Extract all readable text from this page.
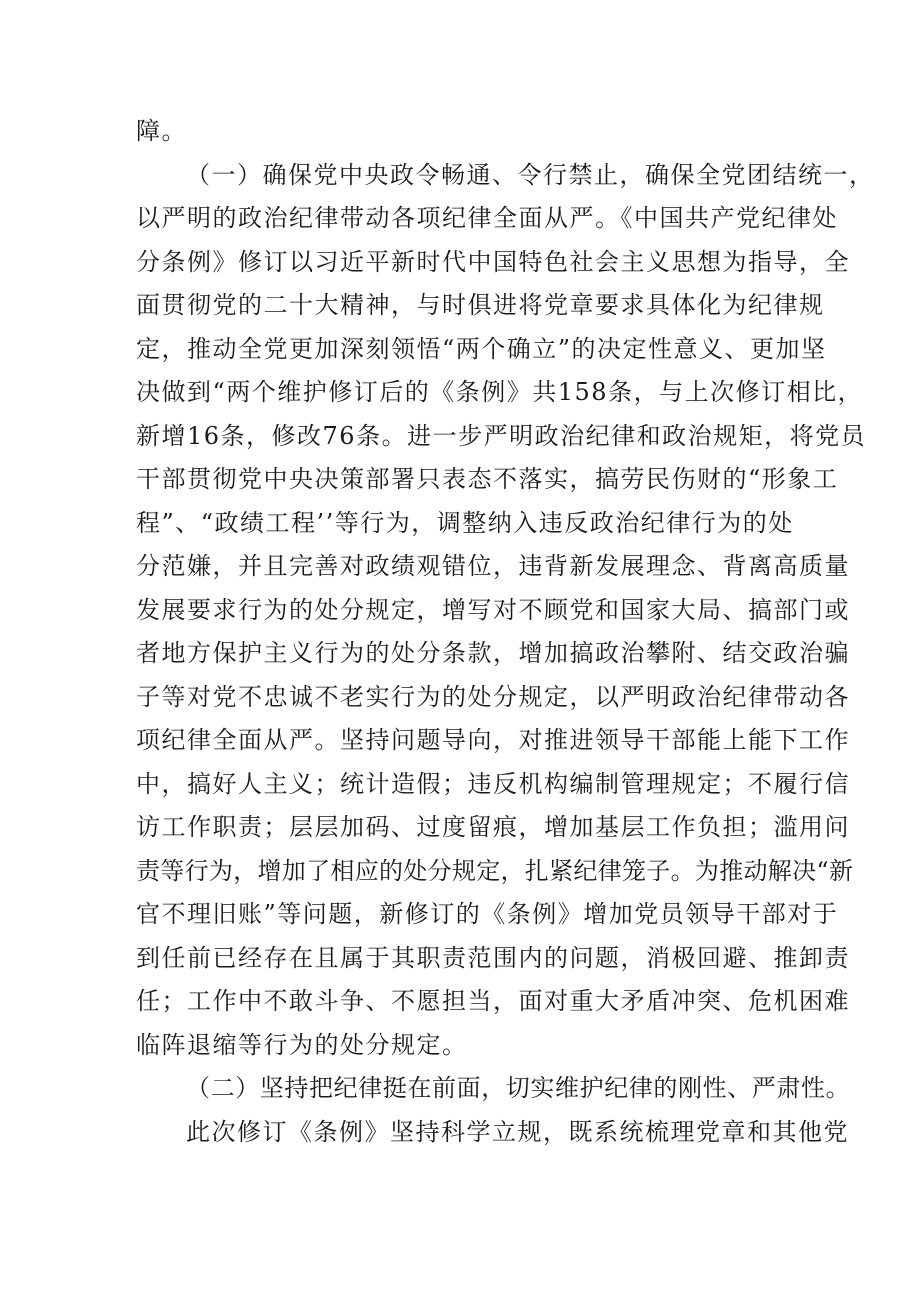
障。
（一）确保党中央政令畅通、令行禁止，确保全党团结统一，
以严明的政治纪律带动各项纪律全面从严。《中国共产党纪律处
分条例》修订以习近平新时代中国特色社会主义思想为指导，全
面贯彻党的二十大精神，与时俱进将党章要求具体化为纪律规
定，推动全党更加深刻领悟“两个确立”的决定性意义、更加坚
决做到“两个维护修订后的《条例》共158条，与上次修订相比，
新增16条，修改76条。进一步严明政治纪律和政治规矩，将党员
干部贯彻党中央决策部署只表态不落实，搞劳民伤财的“形象工
程”、“政绩工程’’等行为，调整纳入违反政治纪律行为的处
分范嫌，并且完善对政绩观错位，违背新发展理念、背离高质量
发展要求行为的处分规定，增写对不顾党和国家大局、搞部门或
者地方保护主义行为的处分条款，增加搞政治攀附、结交政治骗
子等对党不忠诚不老实行为的处分规定，以严明政治纪律带动各
项纪律全面从严。坚持问题导向，对推进领导干部能上能下工作
中，搞好人主义；统计造假；违反机构编制管理规定；不履行信
访工作职责；层层加码、过度留痕，增加基层工作负担；滥用问
责等行为，增加了相应的处分规定，扎紧纪律笼子。为推动解决“新
官不理旧账”等问题，新修订的《条例》增加党员领导干部对于
到任前已经存在且属于其职责范围内的问题，消极回避、推卸责
任；工作中不敢斗争、不愿担当，面对重大矛盾冲突、危机困难
临阵退缩等行为的处分规定。
（二）坚持把纪律挺在前面，切实维护纪律的刚性、严肃性。
此次修订《条例》坚持科学立规，既系统梳理党章和其他党
